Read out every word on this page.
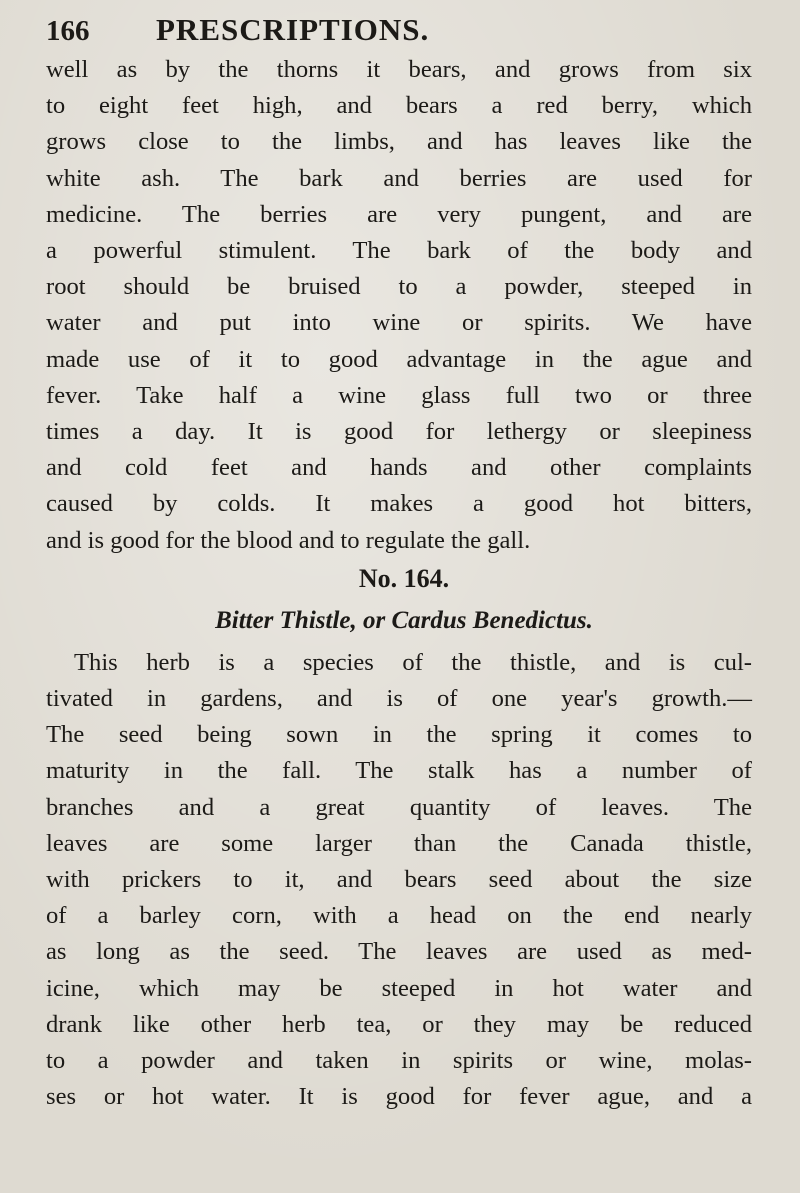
166	PRESCRIPTIONS.

well as by the thorns it bears, and grows from six
to eight feet high, and bears a red berry, which
grows close to the limbs, and has leaves like the
white ash. The bark and berries are used for
medicine. The berries are very pungent, and are
a powerful stimulent. The bark of the body and
root should be bruised to a powder, steeped in
water and put into wine or spirits. We have
made use of it to good advantage in the ague and
fever. Take half a wine glass full two or three
times a day. It is good for lethergy or sleepiness
and cold feet and hands and other complaints
caused by colds. It makes a good hot bitters,
and is good for the blood and to regulate the gall.

No. 164.

Bitter Thistle, or Cardus Benedictus.

This herb is a species of the thistle, and is cul-
tivated in gardens, and is of one year's growth.—
The seed being sown in the spring it comes to
maturity in the fall. The stalk has a number of
branches and a great quantity of leaves. The
leaves are some larger than the Canada thistle,
with prickers to it, and bears seed about the size
of a barley corn, with a head on the end nearly
as long as the seed. The leaves are used as med-
icine, which may be steeped in hot water and
drank like other herb tea, or they may be reduced
to a powder and taken in spirits or wine, molas-
ses or hot water. It is good for fever ague, and a
